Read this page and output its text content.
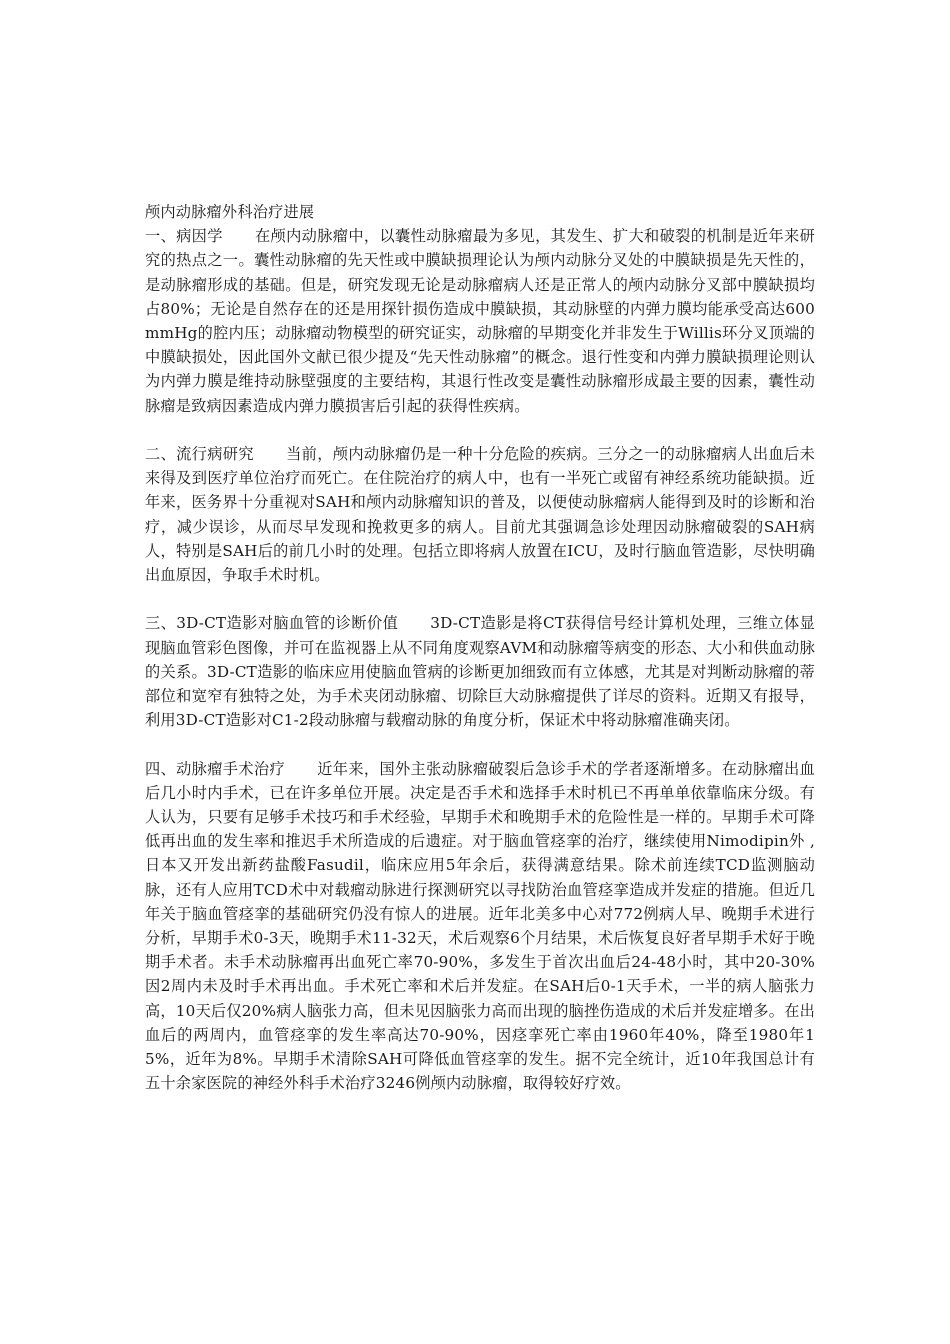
颅内动脉瘤外科治疗进展

一、病因学 在颅内动脉瘤中，以囊性动脉瘤最为多见，其发生、扩大和破裂的机制是近年来研究的热点之一。囊性动脉瘤的先天性或中膜缺损理论认为颅内动脉分叉处的中膜缺损是先天性的，是动脉瘤形成的基础。但是，研究发现无论是动脉瘤病人还是正常人的颅内动脉分叉部中膜缺损均占80%；无论是自然存在的还是用探针损伤造成中膜缺损，其动脉壁的内弹力膜均能承受高达600mmHg的腔内压；动脉瘤动物模型的研究证实，动脉瘤的早期变化并非发生于Willis环分叉顶端的中膜缺损处，因此国外文献已很少提及“先天性动脉瘤”的概念。退行性变和内弹力膜缺损理论则认为内弹力膜是维持动脉壁强度的主要结构，其退行性改变是囊性动脉瘤形成最主要的因素，囊性动脉瘤是致病因素造成内弹力膜损害后引起的获得性疾病。

二、流行病研究 当前，颅内动脉瘤仍是一种十分危险的疾病。三分之一的动脉瘤病人出血后未来得及到医疗单位治疗而死亡。在住院治疗的病人中，也有一半死亡或留有神经系统功能缺损。近年来，医务界十分重视对SAH和颅内动脉瘤知识的普及，以便使动脉瘤病人能得到及时的诊断和治疗，减少误诊，从而尽早发现和挽救更多的病人。目前尤其强调急诊处理因动脉瘤破裂的SAH病人，特别是SAH后的前几小时的处理。包括立即将病人放置在ICU，及时行脑血管造影，尽快明确出血原因，争取手术时机。

三、3D-CT造影对脑血管的诊断价值 3D-CT造影是将CT获得信号经计算机处理，三维立体显现脑血管彩色图像，并可在监视器上从不同角度观察AVM和动脉瘤等病变的形态、大小和供血动脉的关系。3D-CT造影的临床应用使脑血管病的诊断更加细致而有立体感，尤其是对判断动脉瘤的蒂部位和宽窄有独特之处，为手术夹闭动脉瘤、切除巨大动脉瘤提供了详尽的资料。近期又有报导，利用3D-CT造影对C1-2段动脉瘤与载瘤动脉的角度分析，保证术中将动脉瘤准确夹闭。

四、动脉瘤手术治疗 近年来，国外主张动脉瘤破裂后急诊手术的学者逐渐增多。在动脉瘤出血后几小时内手术，已在许多单位开展。决定是否手术和选择手术时机已不再单单依靠临床分级。有人认为，只要有足够手术技巧和手术经验，早期手术和晚期手术的危险性是一样的。早期手术可降低再出血的发生率和推迟手术所造成的后遗症。对于脑血管痉挛的治疗，继续使用Nimodipin外 ,日本又开发出新药盐酸Fasudil，临床应用5年余后，获得满意结果。除术前连续TCD监测脑动脉，还有人应用TCD术中对载瘤动脉进行探测研究以寻找防治血管痉挛造成并发症的措施。但近几年关于脑血管痉挛的基础研究仍没有惊人的进展。近年北美多中心对772例病人早、晚期手术进行分析，早期手术0-3天，晚期手术11-32天，术后观察6个月结果，术后恢复良好者早期手术好于晚期手术者。未手术动脉瘤再出血死亡率70-90%，多发生于首次出血后24-48小时，其中20-30%因2周内未及时手术再出血。手术死亡率和术后并发症。在SAH后0-1天手术，一半的病人脑张力高，10天后仅20%病人脑张力高，但未见因脑张力高而出现的脑挫伤造成的术后并发症增多。在出血后的两周内，血管痉挛的发生率高达70-90%，因痉挛死亡率由1960年40%，降至1980年15%，近年为8%。早期手术清除SAH可降低血管痉挛的发生。据不完全统计，近10年我国总计有五十余家医院的神经外科手术治疗3246例颅内动脉瘤，取得较好疗效。
